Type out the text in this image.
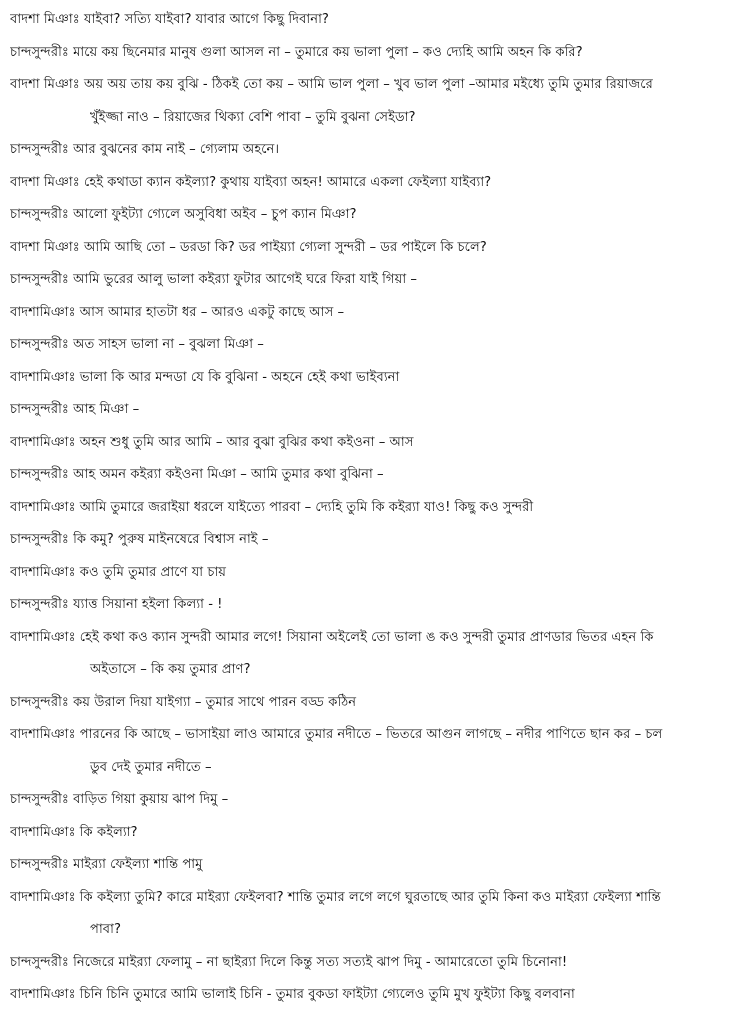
বাদশা মিঞাঃ যাইবা? সত্যি যাইবা? যাবার আগে কিছু দিবানা?
চান্দসুন্দরীঃ মায়ে কয় ছিনেমার মানুষ গুলা আসল না – তুমারে কয় ভালা পুলা – কও দ্যেহি আমি অহন কি করি?
বাদশা মিঞাঃ অয় অয় তায় কয় বুঝি - ঠিকই তো কয় – আমি ভাল পুলা – খুব ভাল পুলা –আমার মইধ্যে তুমি তুমার রিয়াজরে
খুঁইজ্জা নাও – রিয়াজের থিক্যা বেশি পাবা – তুমি বুঝনা সেইডা?
চান্দসুন্দরীঃ আর বুঝনের কাম নাই – গ্যেলাম অহনে।
বাদশা মিঞাঃ হেই কথাডা ক্যান কইল্যা? কুথায় যাইব্যা অহন! আমারে একলা ফেইল্যা যাইব্যা?
চান্দসুন্দরীঃ আলো ফুইট্যা গ্যেলে অসুবিধা অইব – চুপ ক্যান মিঞা?
বাদশা মিঞাঃ আমি আছি তো – ডরডা কি? ডর পাইয়্যা গ্যেলা সুন্দরী – ডর পাইলে কি চলে?
চান্দসুন্দরীঃ আমি ভুরের আলু ভালা কইর‍্যা ফুটার আগেই ঘরে ফিরা যাই গিয়া –
বাদশামিঞাঃ আস আমার হাতটা ধর – আরও একটু কাছে আস –
চান্দসুন্দরীঃ অত সাহস ভালা না – বুঝলা মিঞা –
বাদশামিঞাঃ ভালা কি আর মন্দডা যে কি বুঝিনা - অহনে হেই কথা ভাইব্যনা
চান্দসুন্দরীঃ আহ মিঞা –
বাদশামিঞাঃ অহন শুধু তুমি আর আমি – আর বুঝা বুঝির কথা কইওনা – আস
চান্দসুন্দরীঃ আহ অমন কইর‍্যা কইওনা মিঞা – আমি তুমার কথা বুঝিনা –
বাদশামিঞাঃ আমি তুমারে জরাইয়া ধরলে যাইত্যে পারবা – দ্যেহি তুমি কি কইর‍্যা যাও! কিছু কও সুন্দরী
চান্দসুন্দরীঃ কি কমু? পুরুষ মাইনষেরে বিশ্বাস নাই –
বাদশামিঞাঃ কও তুমি তুমার প্রাণে যা চায়
চান্দসুন্দরীঃ য্যাত্ত সিয়ানা হইলা কিল্যা - !
বাদশামিঞাঃ হেই কথা কও ক্যান সুন্দরী আমার লগে! সিয়ানা অইলেই তো ভালা ঙ কও সুন্দরী তুমার প্রাণডার ভিতর এহন কি
অইতাসে – কি কয় তুমার প্রাণ?
চান্দসুন্দরীঃ কয় উরাল দিয়া যাইগ্যা – তুমার সাথে পারন বড্ড কঠিন
বাদশামিঞাঃ পারনের কি আছে – ভাসাইয়া লাও আমারে তুমার নদীতে – ভিতরে আগুন লাগছে – নদীর পাণিতে ছান কর – চল
ডুব দেই তুমার নদীতে –
চান্দসুন্দরীঃ বাড়িত গিয়া কুয়ায় ঝাপ দিমু –
বাদশামিঞাঃ কি কইল্যা?
চান্দসুন্দরীঃ মাইর‍্যা ফেইল্যা শান্তি পামু
বাদশামিঞাঃ কি কইল্যা তুমি? কারে মাইর‍্যা ফেইলবা? শান্তি তুমার লগে লগে ঘুরতাছে আর তুমি কিনা কও মাইর‍্যা ফেইল্যা শান্তি
পাবা?
চান্দসুন্দরীঃ নিজেরে মাইর‍্যা ফেলামু – না ছাইর‍্যা দিলে কিন্তু সত্য সত্যই ঝাপ দিমু - আমারেতো তুমি চিনোনা!
বাদশামিঞাঃ চিনি চিনি তুমারে আমি ভালাই চিনি - তুমার বুকডা ফাইট্যা গ্যেলেও তুমি মুখ ফুইট্যা কিছু বলবানা
